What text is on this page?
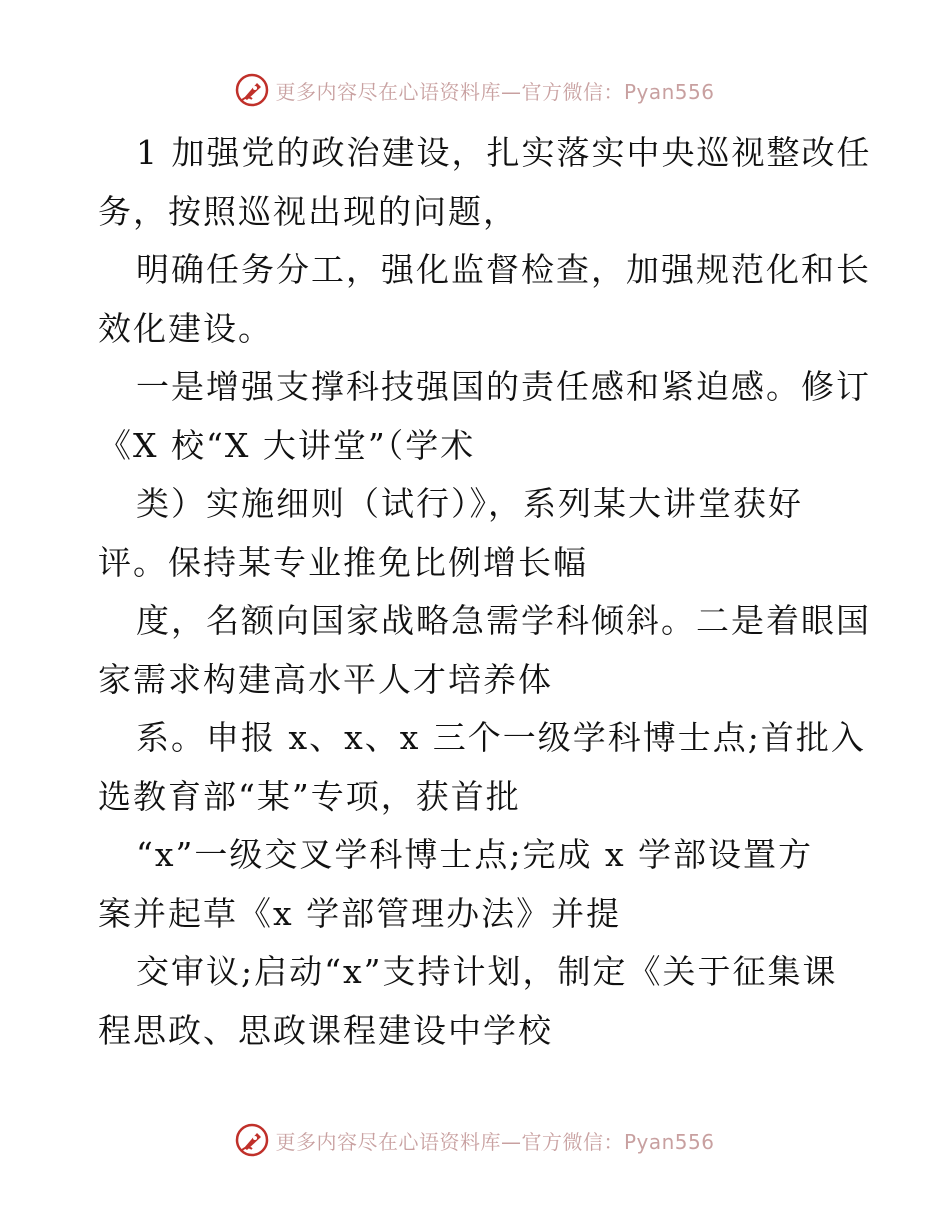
更多内容尽在心语资料库—官方微信：Pyan556
1 加强党的政治建设，扎实落实中央巡视整改任
务，按照巡视出现的问题，
明确任务分工，强化监督检查，加强规范化和长
效化建设。
一是增强支撑科技强国的责任感和紧迫感。修订
《X 校“X 大讲堂”（学术
类）实施细则（试行）》，系列某大讲堂获好
评。保持某专业推免比例增长幅
度，名额向国家战略急需学科倾斜。二是着眼国
家需求构建高水平人才培养体
系。申报 x、x、x 三个一级学科博士点;首批入
选教育部“某”专项，获首批
“x”一级交叉学科博士点;完成 x 学部设置方
案并起草《x 学部管理办法》并提
交审议;启动“x”支持计划，制定《关于征集课
程思政、思政课程建设中学校
更多内容尽在心语资料库—官方微信：Pyan556
